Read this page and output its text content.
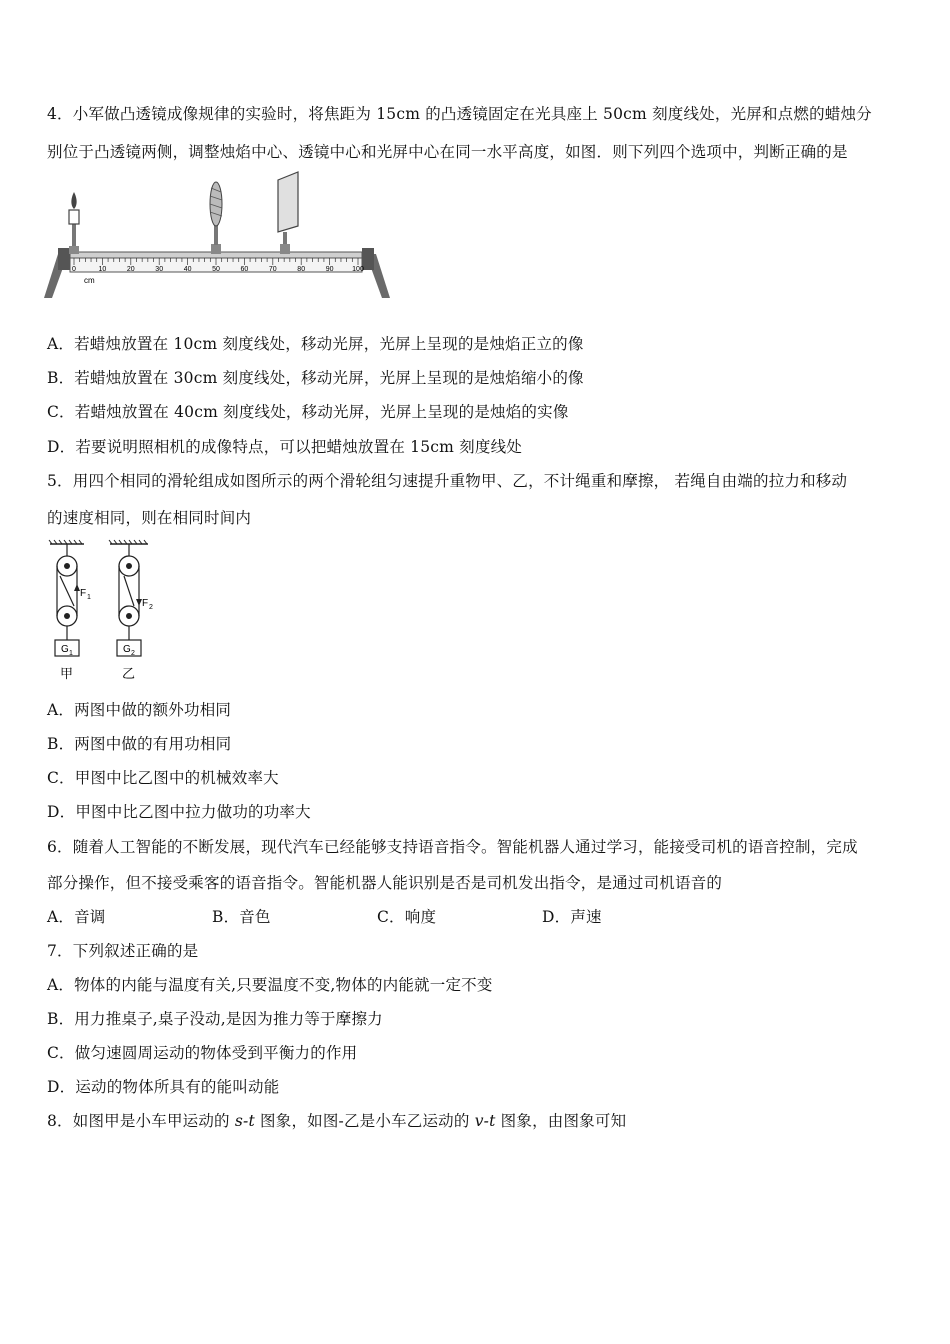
4．小军做凸透镜成像规律的实验时，将焦距为 15cm 的凸透镜固定在光具座上 50cm 刻度线处，光屏和点燃的蜡烛分
别位于凸透镜两侧，调整烛焰中心、透镜中心和光屏中心在同一水平高度，如图．则下列四个选项中，判断正确的是
0	10	20	30	40	50	60	70	80	90	100
cm
A．若蜡烛放置在 10cm 刻度线处，移动光屏，光屏上呈现的是烛焰正立的像
B．若蜡烛放置在 30cm 刻度线处，移动光屏，光屏上呈现的是烛焰缩小的像
C．若蜡烛放置在 40cm 刻度线处，移动光屏，光屏上呈现的是烛焰的实像
D．若要说明照相机的成像特点，可以把蜡烛放置在 15cm 刻度线处
5．用四个相同的滑轮组成如图所示的两个滑轮组匀速提升重物甲、乙，不计绳重和摩擦， 若绳自由端的拉力和移动
的速度相同，则在相同时间内
G 1
F 1
甲
G 2
F 2
乙
A．两图中做的额外功相同
B．两图中做的有用功相同
C．甲图中比乙图中的机械效率大
D．甲图中比乙图中拉力做功的功率大
6．随着人工智能的不断发展，现代汽车已经能够支持语音指令。智能机器人通过学习，能接受司机的语音控制，完成
部分操作，但不接受乘客的语音指令。智能机器人能识别是否是司机发出指令，是通过司机语音的
A．音调	B．音色	C．响度	D．声速
7．下列叙述正确的是
A．物体的内能与温度有关,只要温度不变,物体的内能就一定不变
B．用力推桌子,桌子没动,是因为推力等于摩擦力
C．做匀速圆周运动的物体受到平衡力的作用
D．运动的物体所具有的能叫动能
8．如图甲是小车甲运动的 s-t 图象，如图-乙是小车乙运动的 v-t 图象，由图象可知
